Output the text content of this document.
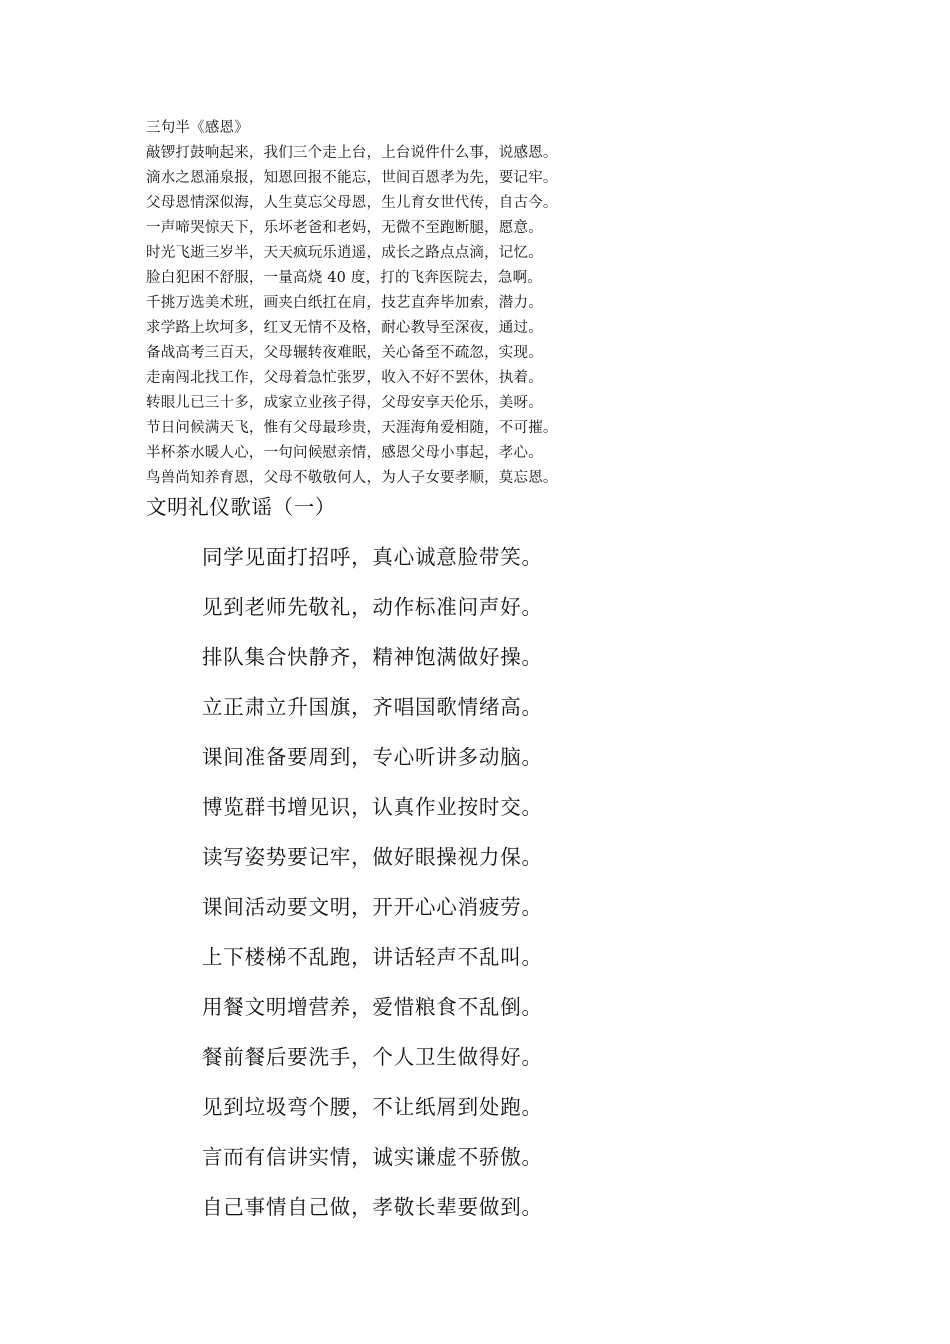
三句半《感恩》
敲锣打鼓响起来，我们三个走上台，上台说件什么事，说感恩。
滴水之恩涌泉报，知恩回报不能忘，世间百恩孝为先，要记牢。
父母恩情深似海，人生莫忘父母恩，生儿育女世代传，自古今。
一声啼哭惊天下，乐坏老爸和老妈，无微不至跑断腿，愿意。
时光飞逝三岁半，天天疯玩乐逍遥，成长之路点点滴，记忆。
脸白犯困不舒服，一量高烧 40 度，打的飞奔医院去，急啊。
千挑万选美术班，画夹白纸扛在肩，技艺直奔毕加索，潜力。
求学路上坎坷多，红叉无情不及格，耐心教导至深夜，通过。
备战高考三百天，父母辗转夜难眠，关心备至不疏忽，实现。
走南闯北找工作，父母着急忙张罗，收入不好不罢休，执着。
转眼儿已三十多，成家立业孩子得，父母安享天伦乐，美呀。
节日问候满天飞，惟有父母最珍贵，天涯海角爱相随，不可摧。
半杯茶水暖人心，一句问候慰亲情，感恩父母小事起，孝心。
鸟兽尚知养育恩，父母不敬敬何人，为人子女要孝顺，莫忘恩。
文明礼仪歌谣（一）
同学见面打招呼，真心诚意脸带笑。
见到老师先敬礼，动作标准问声好。
排队集合快静齐，精神饱满做好操。
立正肃立升国旗，齐唱国歌情绪高。
课间准备要周到，专心听讲多动脑。
博览群书增见识，认真作业按时交。
读写姿势要记牢，做好眼操视力保。
课间活动要文明，开开心心消疲劳。
上下楼梯不乱跑，讲话轻声不乱叫。
用餐文明增营养，爱惜粮食不乱倒。
餐前餐后要洗手，个人卫生做得好。
见到垃圾弯个腰，不让纸屑到处跑。
言而有信讲实情，诚实谦虚不骄傲。
自己事情自己做，孝敬长辈要做到。
